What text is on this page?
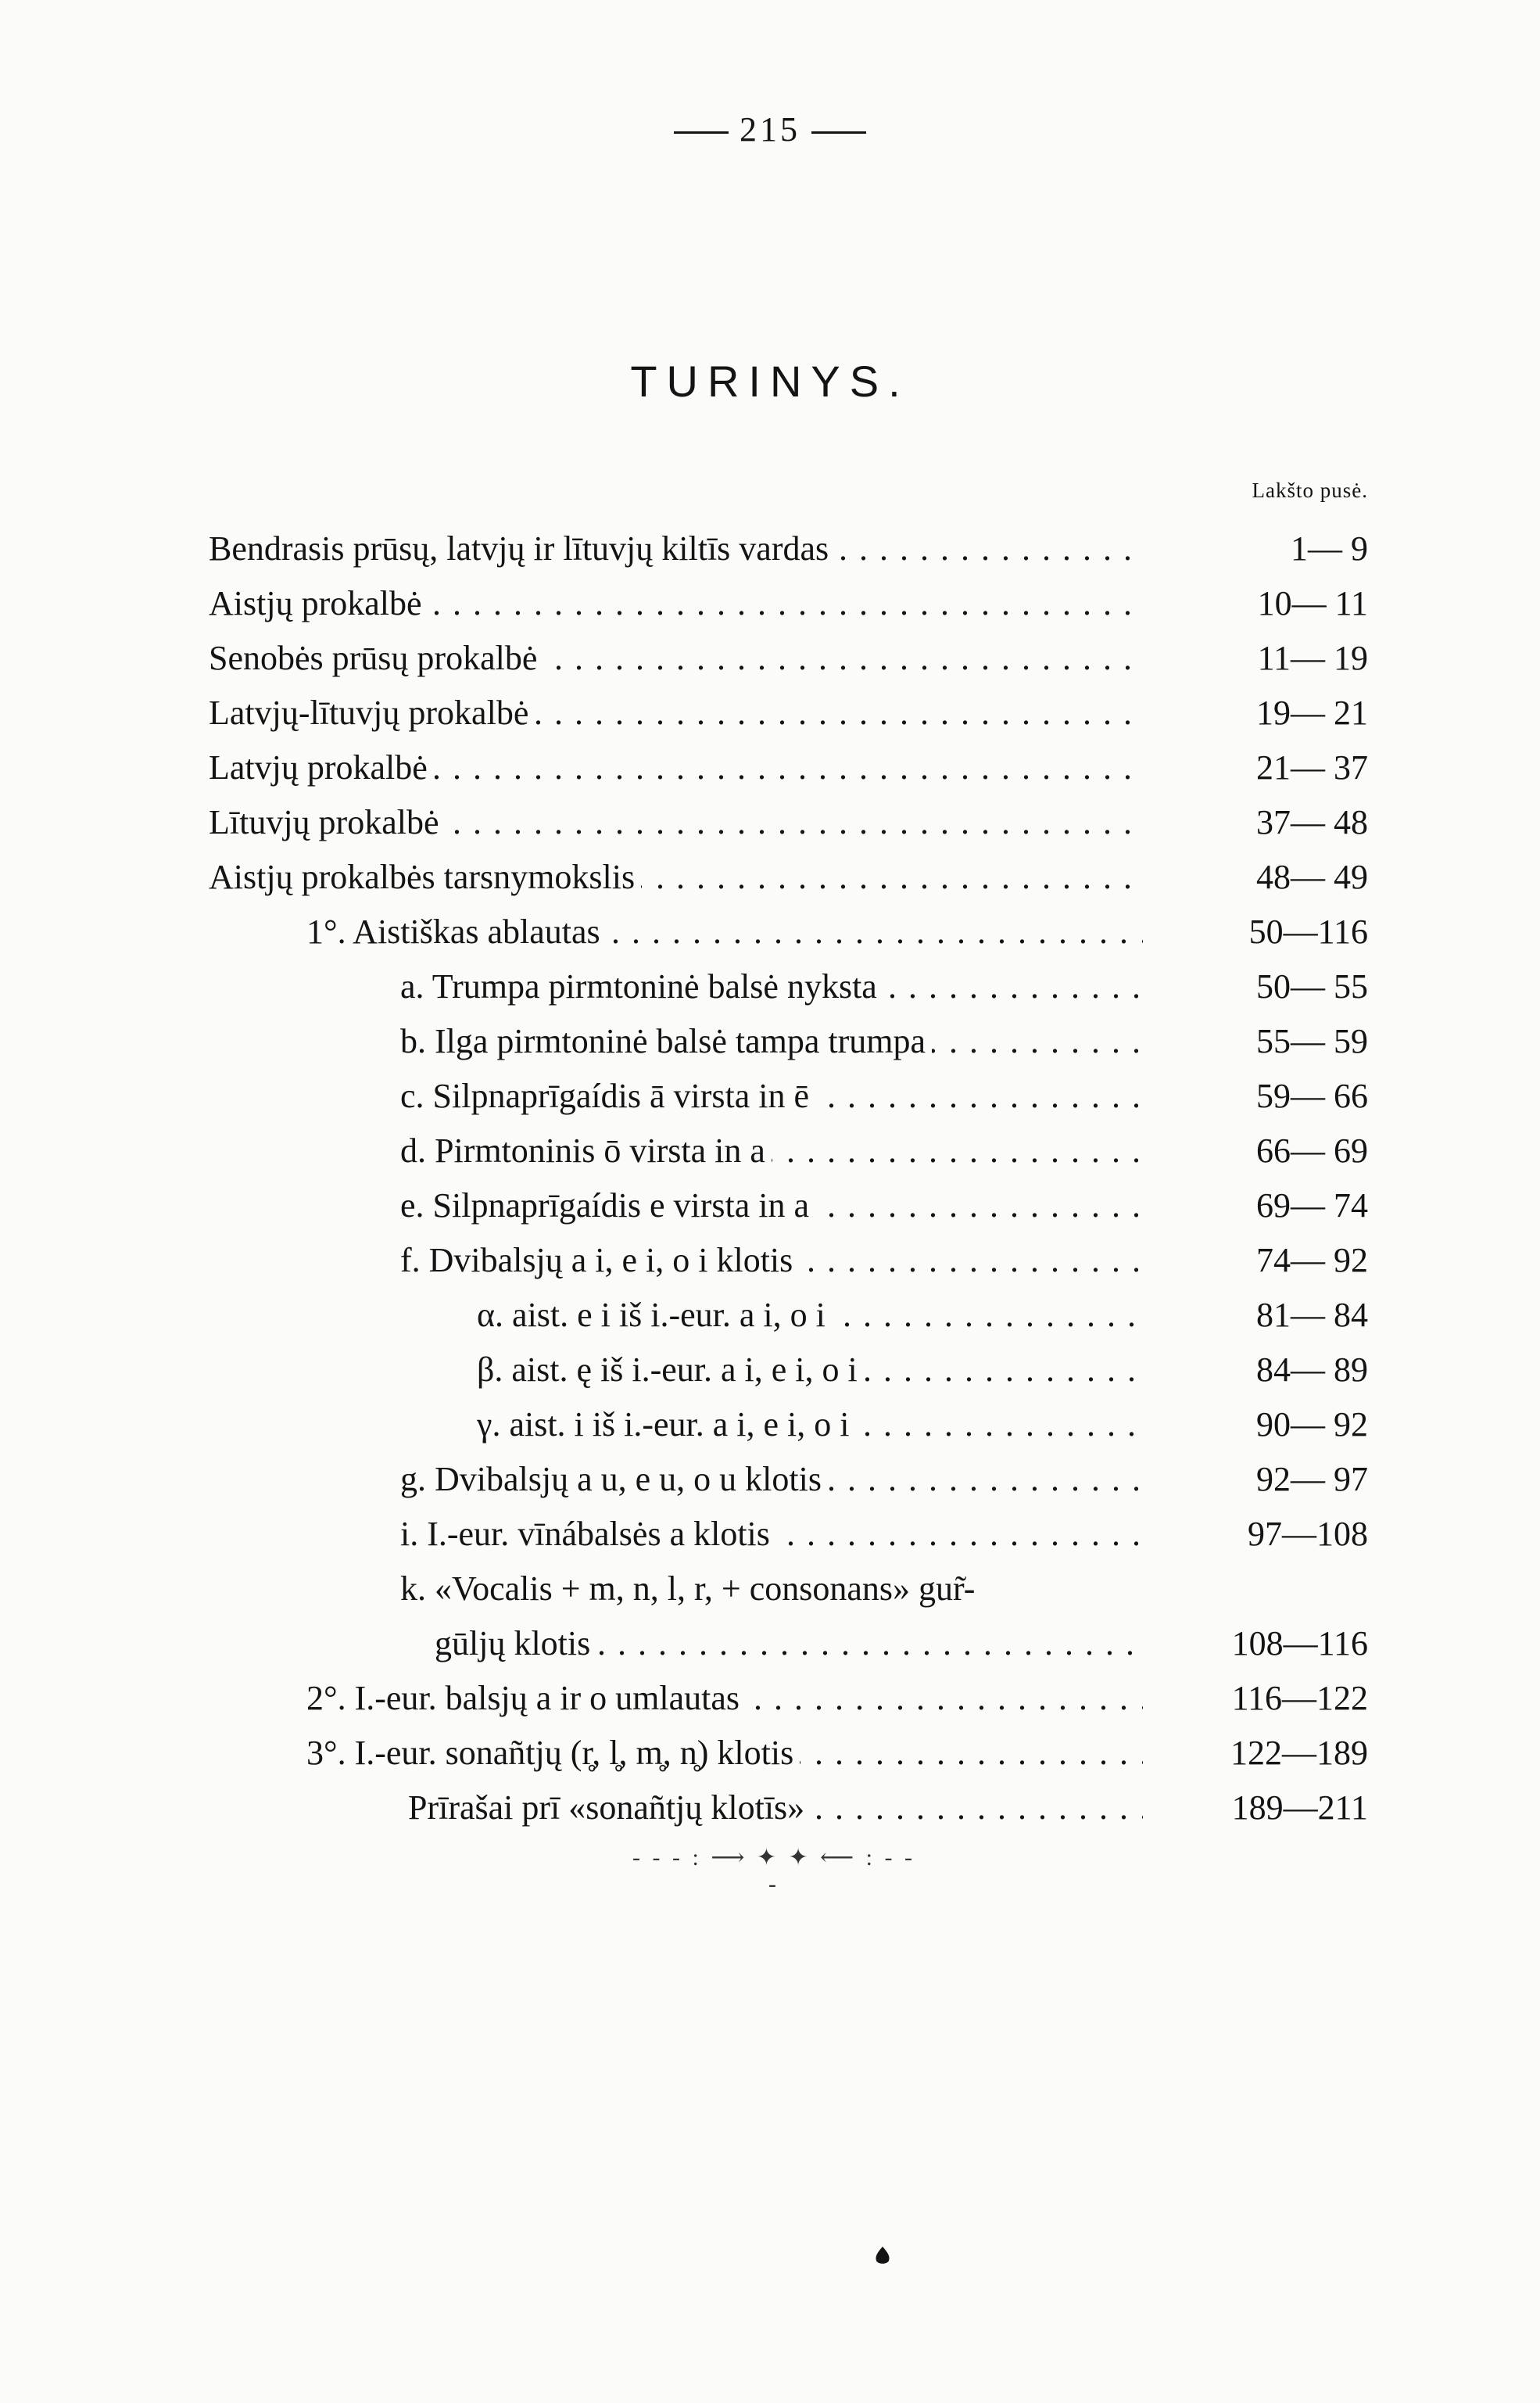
215
TURINYS.
Lakšto pusė.
Bendrasis prūsų, latvjų ir lītuvjų kiltīs vardas . . .	1— 9
Aistjų prokalbė . . .	10— 11
Senobės prūsų prokalbė . . .	11— 19
Latvjų-lītuvjų prokalbė . . .	19— 21
Latvjų prokalbė . . .	21— 37
Lītuvjų prokalbė . . .	37— 48
Aistjų prokalbės tarsnymokslis . . .	48— 49
1°. Aistiškas ablautas . . .	50—116
a. Trumpa pirmtoninė balsė nyksta . . .	50— 55
b. Ilga pirmtoninė balsė tampa trumpa . . .	55— 59
c. Silpnaprīgaídis ā virsta in ē . . .	59— 66
d. Pirmtoninis ō virsta in a . . .	66— 69
e. Silpnaprīgaídis e virsta in a . . .	69— 74
f. Dvibalsjų a i, e i, o i klotis . . .	74— 92
α. aist. e i iš i.-eur. a i, o i . . .	81— 84
β. aist. ę iš i.-eur. a i, e i, o i . . .	84— 89
γ. aist. i iš i.-eur. a i, e i, o i . . .	90— 92
g. Dvibalsjų a u, e u, o u klotis . . .	92— 97
i. I.-eur. vīnábalsės a klotis . . .	97—108
k. «Vocalis + m, n, l, r, + consonans» gur̃-
gūljų klotis . . .	108—116
2°. I.-eur. balsjų a ir o umlautas . . .	116—122
3°. I.-eur. sonañtjų (r̥, l̥, m̥, n̥) klotis . . .	122—189
Prīrašai prī «sonañtjų klotīs» . . .	189—211
- - - : ⟶ ✦ ✦ ⟵ : - - -
